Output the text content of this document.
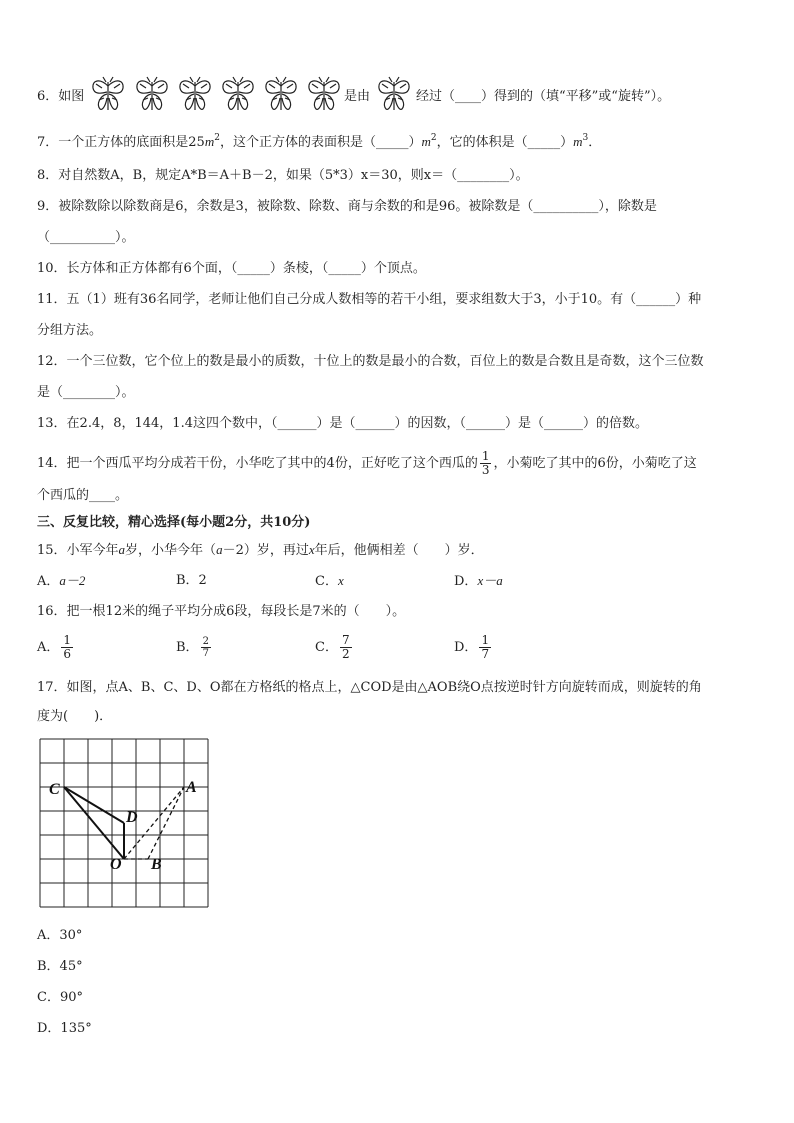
6．如图	是由	经过（____）得到的（填“平移”或“旋转”）。
7．一个正方体的底面积是$25m^2$，这个正方体的表面积是$(\_\_\_\_\_)m^2$，它的体积是$(\_\_\_\_\_)m^3$．
8．对自然数A，B，规定A*B＝A＋B－2，如果（5*3）x＝30，则x＝（________）。
9．被除数除以除数商是6，余数是3，被除数、除数、商与余数的和是96。被除数是（__________），除数是
（__________）。
10．长方体和正方体都有6个面，（_____）条棱，（_____）个顶点。
11．五（1）班有36名同学，老师让他们自己分成人数相等的若干小组，要求组数大于3，小于10。有（______）种
分组方法。
12．一个三位数，它个位上的数是最小的质数，十位上的数是最小的合数，百位上的数是合数且是奇数，这个三位数
是（________）。
13．在2.4，8，144，1.4这四个数中，（______）是（______）的因数，（______）是（______）的倍数。
14．把一个西瓜平均分成若干份，小华吃了其中的4份，正好吃了这个西瓜的 $\frac{1}{3}$ ，小菊吃了其中的6份，小菊吃了这
个西瓜的____。
三、反复比较，精心选择(每小题2分，共10分)
15．小军今年a岁，小华今年（a－2）岁，再过x年后，他俩相差（　　）岁．
A．a－2	B．2	C．x	D．x－a
16．把一根12米的绳子平均分成6段，每段长是7米的（　　）。
A． $\frac{1}{6}$	B． $\frac{2}{7}$	C． $\frac{7}{2}$	D． $\frac{1}{7}$
17．如图，点A、B、C、D、O都在方格纸的格点上，△COD是由△AOB绕O点按逆时针方向旋转而成，则旋转的角
度为(　　)．
C	A
D
O B
A．30°
B．45°
C．90°
D．135°
